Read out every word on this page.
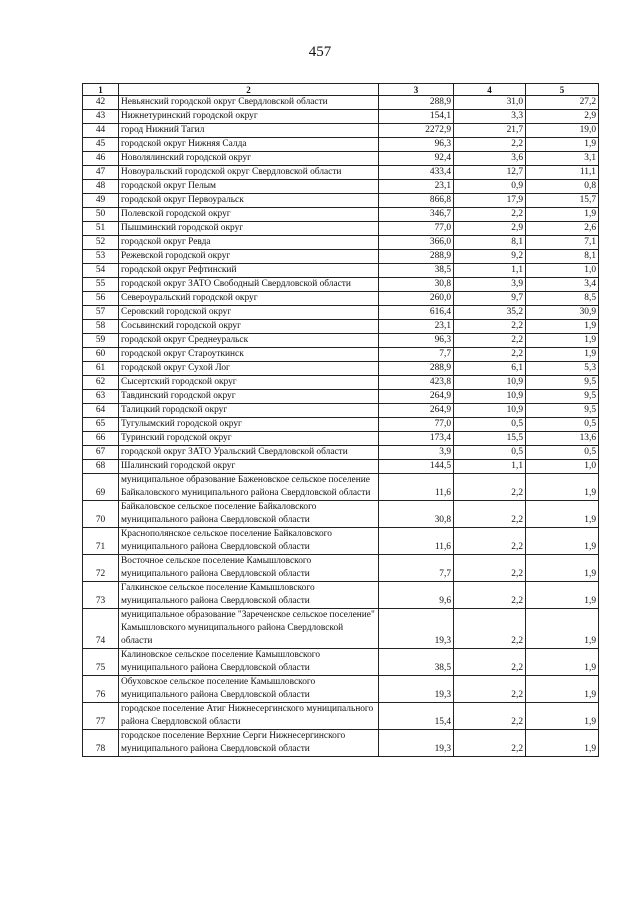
457
1	2	3	4	5
42	Невьянский городской округ Свердловской области	288,9	31,0	27,2
43	Нижнетуринский городской округ	154,1	3,3	2,9
44	город Нижний Тагил	2272,9	21,7	19,0
45	городской округ Нижняя Салда	96,3	2,2	1,9
46	Новолялинский городской округ	92,4	3,6	3,1
47	Новоуральский городской округ Свердловской области	433,4	12,7	11,1
48	городской округ Пелым	23,1	0,9	0,8
49	городской округ Первоуральск	866,8	17,9	15,7
50	Полевской городской округ	346,7	2,2	1,9
51	Пышминский городской округ	77,0	2,9	2,6
52	городской округ Ревда	366,0	8,1	7,1
53	Режевской городской округ	288,9	9,2	8,1
54	городской округ Рефтинский	38,5	1,1	1,0
55	городской округ ЗАТО Свободный Свердловской области	30,8	3,9	3,4
56	Североуральский городской округ	260,0	9,7	8,5
57	Серовский городской округ	616,4	35,2	30,9
58	Сосьвинский городской округ	23,1	2,2	1,9
59	городской округ Среднеуральск	96,3	2,2	1,9
60	городской округ Староуткинск	7,7	2,2	1,9
61	городской округ Сухой Лог	288,9	6,1	5,3
62	Сысертский городской округ	423,8	10,9	9,5
63	Тавдинский городской округ	264,9	10,9	9,5
64	Талицкий городской округ	264,9	10,9	9,5
65	Тугулымский городской округ	77,0	0,5	0,5
66	Туринский городской округ	173,4	15,5	13,6
67	городской округ ЗАТО Уральский Свердловской области	3,9	0,5	0,5
68	Шалинский городской округ	144,5	1,1	1,0
69	муниципальное образование Баженовское сельское поселение Байкаловского муниципального района Свердловской области	11,6	2,2	1,9
70	Байкаловское сельское поселение Байкаловского муниципального района Свердловской области	30,8	2,2	1,9
71	Краснополянское сельское поселение Байкаловского муниципального района Свердловской области	11,6	2,2	1,9
72	Восточное сельское поселение Камышловского муниципального района Свердловской области	7,7	2,2	1,9
73	Галкинское сельское поселение Камышловского муниципального района Свердловской области	9,6	2,2	1,9
74	муниципальное образование "Зареченское сельское поселение" Камышловского муниципального района Свердловской области	19,3	2,2	1,9
75	Калиновское сельское поселение Камышловского муниципального района Свердловской области	38,5	2,2	1,9
76	Обуховское сельское поселение Камышловского муниципального района Свердловской области	19,3	2,2	1,9
77	городское поселение Атиг Нижнесергинского муниципального района Свердловской области	15,4	2,2	1,9
78	городское поселение Верхние Серги Нижнесергинского муниципального района Свердловской области	19,3	2,2	1,9
